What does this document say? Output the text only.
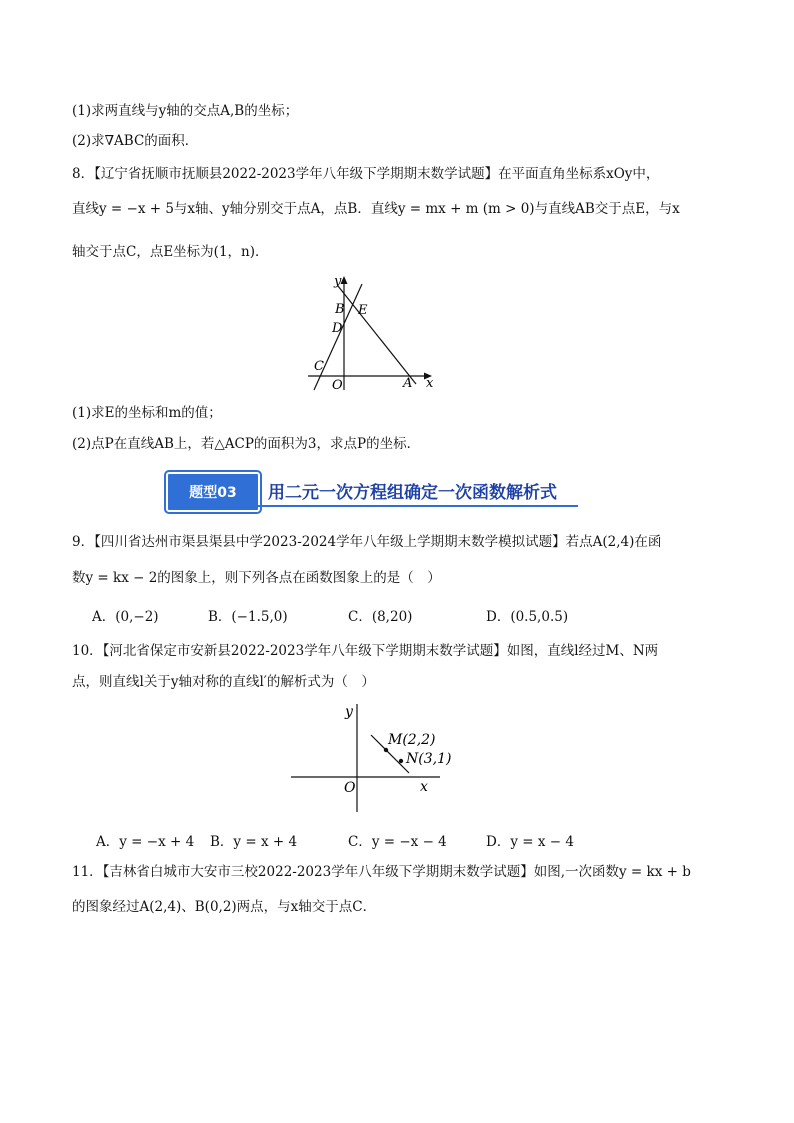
(1)求两直线与y轴的交点A,B的坐标；
(2)求∇ABC的面积．
8．【辽宁省抚顺市抚顺县2022-2023学年八年级下学期期末数学试题】在平面直角坐标系xOy中，
直线y = −x + 5与x轴、y轴分别交于点A，点B．直线y = mx + m (m > 0)与直线AB交于点E，与x
轴交于点C，点E坐标为(1，n)．
y
B E
D
C
O	A x
(1)求E的坐标和m的值；
(2)点P在直线AB上，若△ACP的面积为3，求点P的坐标．
题型03	用二元一次方程组确定一次函数解析式
9．【四川省达州市渠县渠县中学2023-2024学年八年级上学期期末数学模拟试题】若点A(2,4)在函
数y = kx − 2的图象上，则下列各点在函数图象上的是（　）
A．(0,−2)	B．(−1.5,0)	C．(8,20)	D．(0.5,0.5)
10．【河北省保定市安新县2022-2023学年八年级下学期期末数学试题】如图，直线l经过M、N两
点，则直线l关于y轴对称的直线l′的解析式为（　）
y
M(2,2)
N(3,1)
O	x
A．y = −x + 4 B．y = x + 4	C．y = −x − 4	D．y = x − 4
11．【吉林省白城市大安市三校2022-2023学年八年级下学期期末数学试题】如图,一次函数y = kx + b
的图象经过A(2,4)、B(0,2)两点，与x轴交于点C．
